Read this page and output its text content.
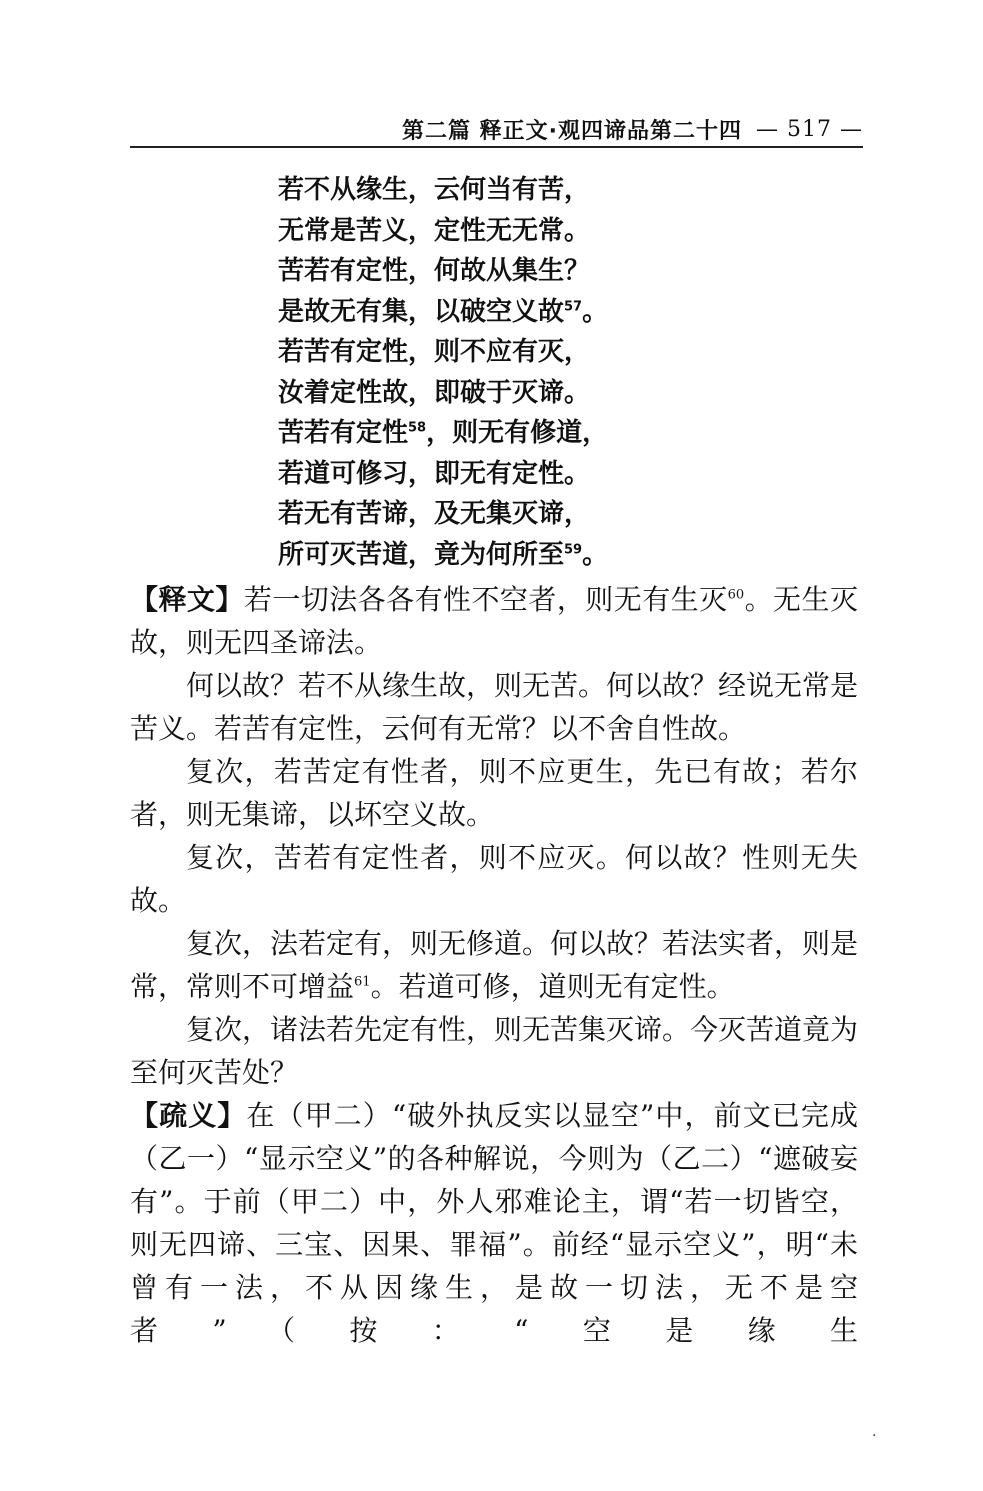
第二篇 释正文·观四谛品第二十四 — 517 —
若不从缘生，云何当有苦，
无常是苦义，定性无无常。
苦若有定性，何故从集生？
是故无有集，以破空义故$^{57}$。
若苦有定性，则不应有灭，
汝着定性故，即破于灭谛。
苦若有定性$^{58}$，则无有修道，
若道可修习，即无有定性。
若无有苦谛，及无集灭谛，
所可灭苦道，竟为何所至$^{59}$。

【释文】若一切法各各有性不空者，则无有生灭$^{60}$。无生灭故，则无四圣谛法。

何以故？若不从缘生故，则无苦。何以故？经说无常是苦义。若苦有定性，云何有无常？以不舍自性故。

复次，若苦定有性者，则不应更生，先已有故；若尔者，则无集谛，以坏空义故。

复次，苦若有定性者，则不应灭。何以故？性则无失故。

复次，法若定有，则无修道。何以故？若法实者，则是常，常则不可增益$^{61}$。若道可修，道则无有定性。

复次，诸法若先定有性，则无苦集灭谛。今灭苦道竟为至何灭苦处？

【疏义】在（甲二）“破外执反实以显空”中，前文已完成（乙一）“显示空义”的各种解说，今则为（乙二）“遮破妄有”。于前（甲二）中，外人邪难论主，谓“若一切皆空，则无四谛、三宝、因果、罪福”。前经“显示空义”，明“未曾有一法，不从因缘生，是故一切法，无不是空者”（按：“空是缘生

·
